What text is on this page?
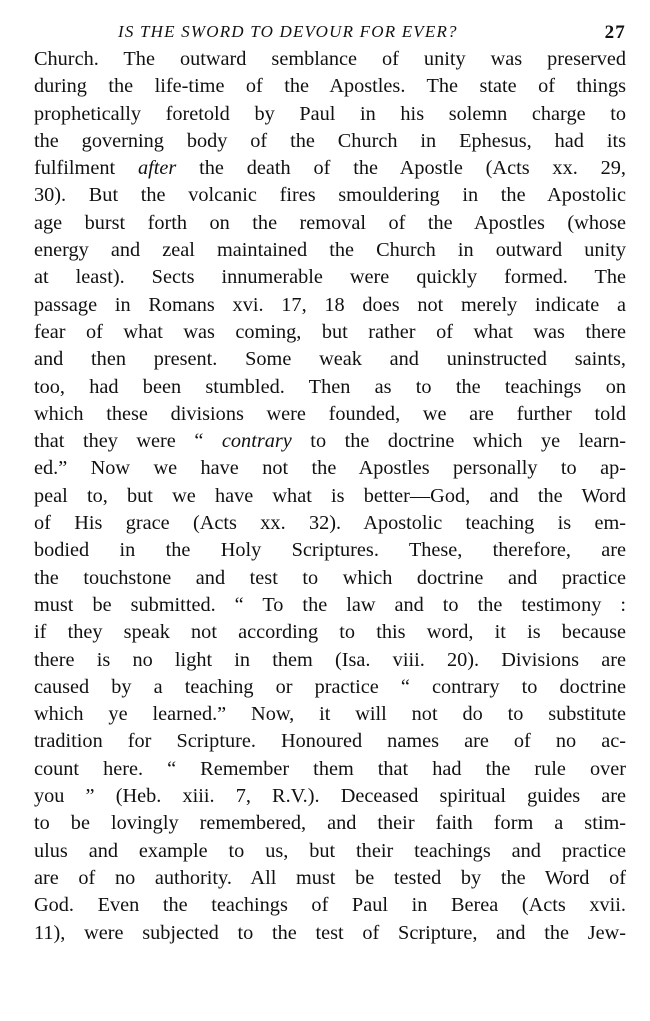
IS THE SWORD TO DEVOUR FOR EVER?	27
Church. The outward semblance of unity was preserved
during the life-time of the Apostles. The state of things
prophetically foretold by Paul in his solemn charge to
the governing body of the Church in Ephesus, had its
fulfilment after the death of the Apostle (Acts xx. 29,
30). But the volcanic fires smouldering in the Apostolic
age burst forth on the removal of the Apostles (whose
energy and zeal maintained the Church in outward unity
at least). Sects innumerable were quickly formed. The
passage in Romans xvi. 17, 18 does not merely indicate a
fear of what was coming, but rather of what was there
and then present. Some weak and uninstructed saints,
too, had been stumbled. Then as to the teachings on
which these divisions were founded, we are further told
that they were “ contrary to the doctrine which ye learn-
ed.” Now we have not the Apostles personally to ap-
peal to, but we have what is better—God, and the Word
of His grace (Acts xx. 32). Apostolic teaching is em-
bodied in the Holy Scriptures. These, therefore, are
the touchstone and test to which doctrine and practice
must be submitted. “ To the law and to the testimony :
if they speak not according to this word, it is because
there is no light in them (Isa. viii. 20). Divisions are
caused by a teaching or practice “ contrary to doctrine
which ye learned.” Now, it will not do to substitute
tradition for Scripture. Honoured names are of no ac-
count here. “ Remember them that had the rule over
you ” (Heb. xiii. 7, R.V.). Deceased spiritual guides are
to be lovingly remembered, and their faith form a stim-
ulus and example to us, but their teachings and practice
are of no authority. All must be tested by the Word of
God. Even the teachings of Paul in Berea (Acts xvii.
11), were subjected to the test of Scripture, and the Jew-
